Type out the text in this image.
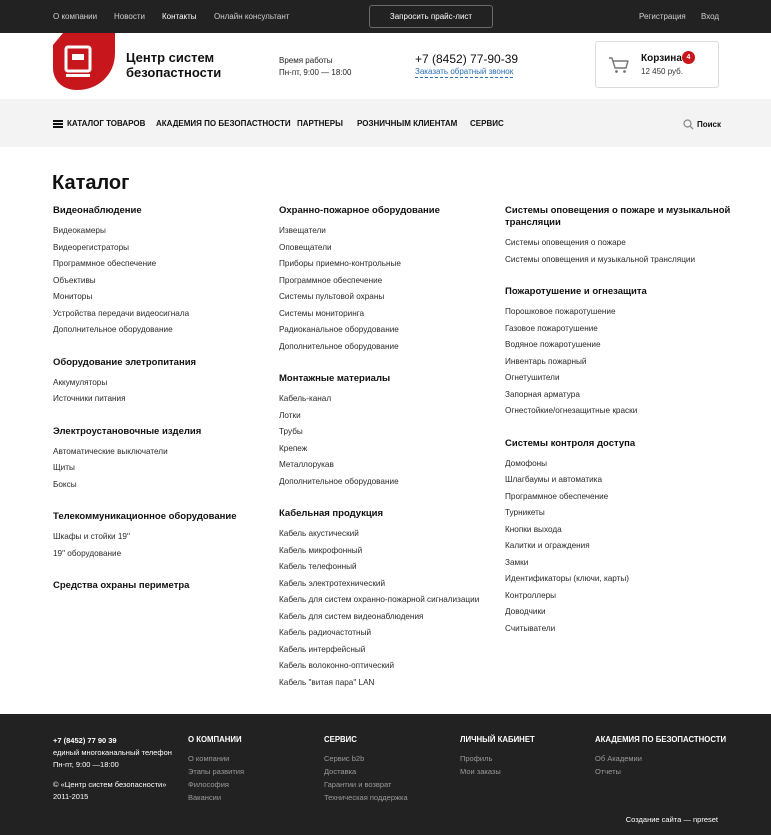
О компании Новости Контакты Онлайн консультант	Запросить прайс-лист	Регистрация Вход
Центр систем
безопастности
Время работы
Пн-пт, 9:00 — 18:00
+7 (8452) 77-90-39
Заказать обратный звонок
Корзина 4
12 450 руб.
КАТАЛОГ ТОВАРОВ АКАДЕМИЯ ПО БЕЗОПАСТНОСТИ ПАРТНЕРЫ РОЗНИЧНЫМ КЛИЕНТАМ СЕРВИС	Поиск
Каталог
Видеонаблюдение
Видеокамеры
Видеорегистраторы
Программное обеспечение
Объективы
Мониторы
Устройства передачи видеосигнала
Дополнительное оборудование
Оборудование элетропитания
Аккумуляторы
Источники питания
Электроустановочные изделия
Автоматические выключатели
Щиты
Боксы
Телекоммуникационное оборудование
Шкафы и стойки 19"
19" оборудование
Средства охраны периметра
Охранно-пожарное оборудование
Извещатели
Оповещатели
Приборы приемно-контрольные
Программное обеспечение
Системы пультовой охраны
Системы мониторинга
Радиоканальное оборудование
Дополнительное оборудование
Монтажные материалы
Кабель-канал
Лотки
Трубы
Крепеж
Металлорукав
Дополнительное оборудование
Кабельная продукция
Кабель акустический
Кабель микрофонный
Кабель телефонный
Кабель электротехнический
Кабель для систем охранно-пожарной сигнализации
Кабель для систем видеонаблюдения
Кабель радиочастотный
Кабель интерфейсный
Кабель волоконно-оптический
Кабель "витая пара" LAN
Системы оповещения о пожаре и музыкальной трансляции
Системы оповещения о пожаре
Системы оповещения и музыкальной трансляции
Пожаротушение и огнезащита
Порошковое пожаротушение
Газовое пожаротушение
Водяное пожаротушение
Инвентарь пожарный
Огнетушители
Запорная арматура
Огнестойкие/огнезащитные краски
Системы контроля доступа
Домофоны
Шлагбаумы и автоматика
Программное обеспечение
Турникеты
Кнопки выхода
Калитки и ограждения
Замки
Идентификаторы (ключи, карты)
Контроллеры
Доводчики
Считыватели
+7 (8452) 77 90 39
единый многоканальный телефон
Пн-пт, 9:00 —18:00
© «Центр систем безопасности»
2011-2015
О КОМПАНИИ
О компании
Этапы развития
Философия
Вакансии
СЕРВИС
Сервис b2b
Доставка
Гарантии и возврат
Техническая поддержка
ЛИЧНЫЙ КАБИНЕТ
Профиль
Мои заказы
АКАДЕМИЯ ПО БЕЗОПАСТНОСТИ
Об Академии
Отчеты
Создание сайта — npreset
